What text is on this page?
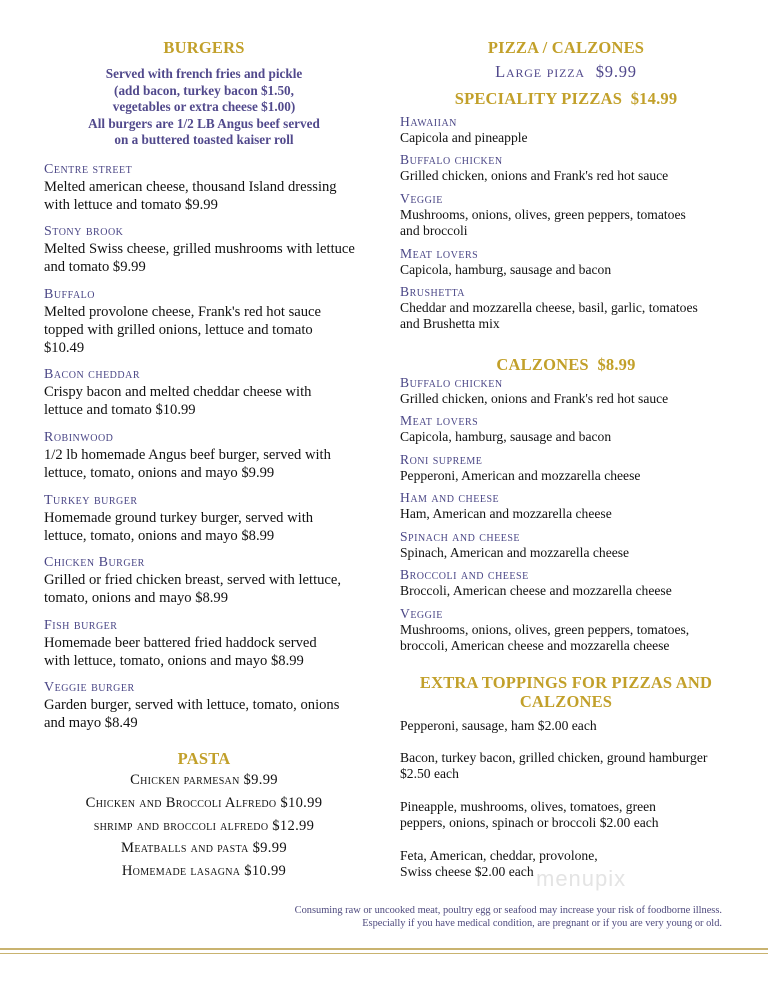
BURGERS
Served with french fries and pickle
(add bacon, turkey bacon $1.50,
vegetables or extra cheese $1.00)
All burgers are 1/2 LB Angus beef served
on a buttered toasted kaiser roll
Centre street
Melted american cheese, thousand Island dressing
with lettuce and tomato $9.99
Stony brook
Melted Swiss cheese, grilled mushrooms with lettuce
and tomato $9.99
Buffalo
Melted provolone cheese, Frank's red hot sauce
topped with grilled onions, lettuce and tomato
$10.49
Bacon cheddar
Crispy bacon and melted cheddar cheese with
lettuce and tomato $10.99
Robinwood
1/2 lb homemade Angus beef burger, served with
lettuce, tomato, onions and mayo $9.99
Turkey burger
Homemade ground turkey burger, served with
lettuce, tomato, onions and mayo $8.99
Chicken Burger
Grilled or fried chicken breast, served with lettuce,
tomato, onions and mayo $8.99
Fish burger
Homemade beer battered fried haddock served
with lettuce, tomato, onions and mayo $8.99
Veggie burger
Garden burger, served with lettuce, tomato, onions
and mayo $8.49
PASTA
Chicken parmesan $9.99
Chicken and Broccoli Alfredo $10.99
shrimp and broccoli alfredo $12.99
Meatballs and pasta $9.99
Homemade lasagna $10.99
PIZZA / CALZONES
Large pizza $9.99
SPECIALITY PIZZAS  $14.99
Hawaiian
Capicola and pineapple
Buffalo chicken
Grilled chicken, onions and Frank's red hot sauce
Veggie
Mushrooms, onions, olives, green peppers, tomatoes
and broccoli
Meat lovers
Capicola, hamburg, sausage and bacon
Brushetta
Cheddar and mozzarella cheese, basil, garlic, tomatoes
and Brushetta mix
CALZONES  $8.99
Buffalo chicken
Grilled chicken, onions and Frank's red hot sauce
Meat lovers
Capicola, hamburg, sausage and bacon
Roni supreme
Pepperoni, American and mozzarella cheese
Ham and cheese
Ham, American and mozzarella cheese
Spinach and cheese
Spinach, American and mozzarella cheese
Broccoli and cheese
Broccoli, American cheese and mozzarella cheese
Veggie
Mushrooms, onions, olives, green peppers, tomatoes,
broccoli, American cheese and mozzarella cheese
EXTRA TOPPINGS FOR PIZZAS AND
CALZONES
Pepperoni, sausage, ham $2.00 each
Bacon, turkey bacon, grilled chicken, ground hamburger
$2.50 each
Pineapple, mushrooms, olives, tomatoes, green
peppers, onions, spinach or broccoli $2.00 each
Feta, American, cheddar, provolone,
Swiss cheese $2.00 each menupix
Consuming raw or uncooked meat, poultry egg or seafood may increase your risk of foodborne illness.
Especially if you have medical condition, are pregnant or if you are very young or old.
